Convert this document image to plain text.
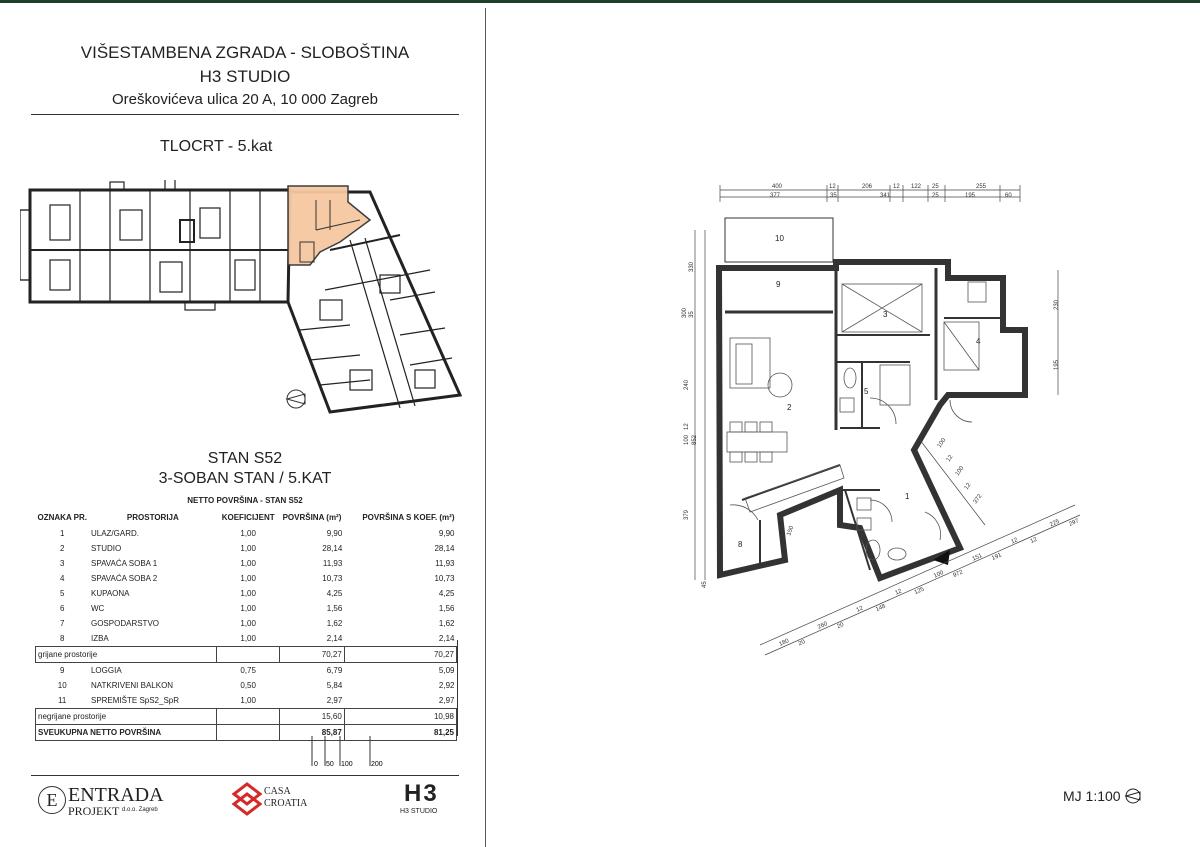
VIŠESTAMBENA ZGRADA - SLOBOŠTINA
H3 STUDIO
Oreškovićeva ulica 20 A, 10 000 Zagreb
TLOCRT - 5.kat
STAN S52
3-SOBAN STAN / 5.KAT
NETTO POVRŠINA - STAN S52
OZNAKA PR.	PROSTORIJA	KOEFICIJENT	POVRŠINA (m²)	POVRŠINA S KOEF. (m²)
1	ULAZ/GARD.	1,00	9,90	9,90
2	STUDIO	1,00	28,14	28,14
3	SPAVAĆA SOBA 1	1,00	11,93	11,93
4	SPAVAĆA SOBA 2	1,00	10,73	10,73
5	KUPAONA	1,00	4,25	4,25
6	WC	1,00	1,56	1,56
7	GOSPODARSTVO	1,00	1,62	1,62
8	IZBA	1,00	2,14	2,14
grijane prostorije			70,27	70,27
9	LOGGIA	0,75	6,79	5,09
10	NATKRIVENI BALKON	0,50	5,84	2,92
11	SPREMIŠTE SpS2_SpR	1,00	2,97	2,97
negrijane prostorije			15,60	10,98
SVEUKUPNA NETTO POVRŠINA			85,87	81,25
0 50 100	200
E ENTRADA
PROJEKT d.o.o. Zagreb
CASA
CROATIA	H3
H3 STUDIO
400	12	206	12 122 25	255
377	35	341	25	195	60
230
195
330
300 35
240
100
12
852
379
45
150
180 20
260 20
12 148
12 125
100 972
151 191
12 12
225 297
100
12
100
12
372
10
9
3
4
2
5
1
8
MJ 1:100
